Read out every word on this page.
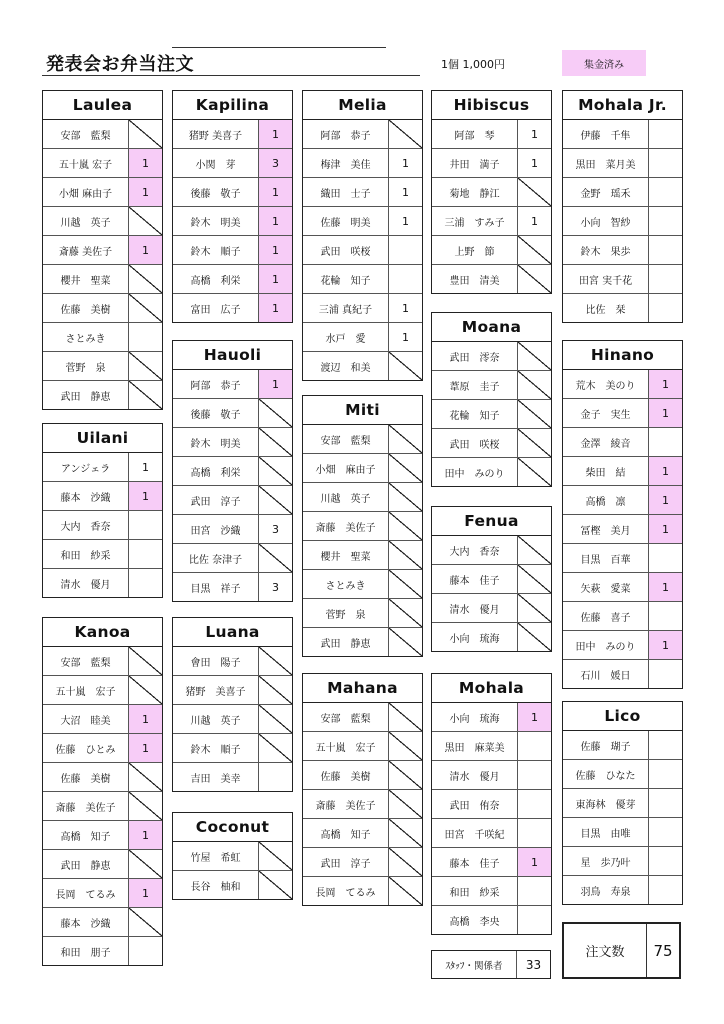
発表会お弁当注文	1個 1,000円	集金済み
Laulea
安部　藍梨
五十嵐 宏子	1
小畑 麻由子	1
川越　英子
斎藤 美佐子	1
櫻井　聖菜
佐藤　美樹
さとみき
菅野　泉
武田　静恵
Uilani
アンジェラ	1
藤本　沙織	1
大内　香奈
和田　紗采
清水　優月
Kanoa
安部　藍梨
五十嵐　宏子
大沼　睦美	1
佐藤　ひとみ	1
佐藤　美樹
斎藤　美佐子
高橋　知子	1
武田　静恵
長岡　てるみ	1
藤本　沙織
和田　朋子
Kapilina
猪野 美喜子	1
小関　芽	3
後藤　敬子	1
鈴木　明美	1
鈴木　順子	1
高橋　利栄	1
富田　広子	1
Hauoli
阿部　恭子	1
後藤　敬子
鈴木　明美
高橋　利栄
武田　淳子
田宮　沙織	3
比佐 奈津子
目黒　祥子	3
Luana
會田　陽子
猪野　美喜子
川越　英子
鈴木　順子
吉田　美幸
Coconut
竹屋　希虹
長谷　柚和
Melia
阿部　恭子
梅津　美佳	1
織田　士子	1
佐藤　明美	1
武田　咲桜
花輪　知子
三浦 真紀子	1
水戸　愛	1
渡辺　和美
Miti
安部　藍梨
小畑　麻由子
川越　英子
斎藤　美佐子
櫻井　聖菜
さとみき
菅野　泉
武田　静恵
Mahana
安部　藍梨
五十嵐　宏子
佐藤　美樹
斎藤　美佐子
高橋　知子
武田　淳子
長岡　てるみ
Hibiscus
阿部　琴	1
井田　満子	1
菊地　静江
三浦　すみ子	1
上野　節
豊田　清美
Moana
武田　澪奈
葦原　圭子
花輪　知子
武田　咲桜
田中　みのり
Fenua
大内　香奈
藤本　佳子
清水　優月
小向　琉海
Mohala
小向　琉海	1
黒田　麻菜美
清水　優月
武田　侑奈
田宮　千咲紀
藤本　佳子	1
和田　紗采
高橋　李央
Mohala Jr.
伊藤　千隼
黒田　菜月美
金野　瑶禾
小向　智紗
鈴木　果歩
田宮 実千花
比佐　栞
Hinano
荒木　美のり	1
金子　実生	1
金澤　綾音
柴田　結	1
高橋　凛	1
冨樫　美月	1
目黒　百華
矢萩　愛菜	1
佐藤　喜子
田中　みのり	1
石川　媛日
Lico
佐藤　瑚子
佐藤　ひなた
東海林　優芽
目黒　由唯
星　歩乃叶
羽鳥　寿泉
ｽﾀｯﾌ・関係者	33
注文数	75
